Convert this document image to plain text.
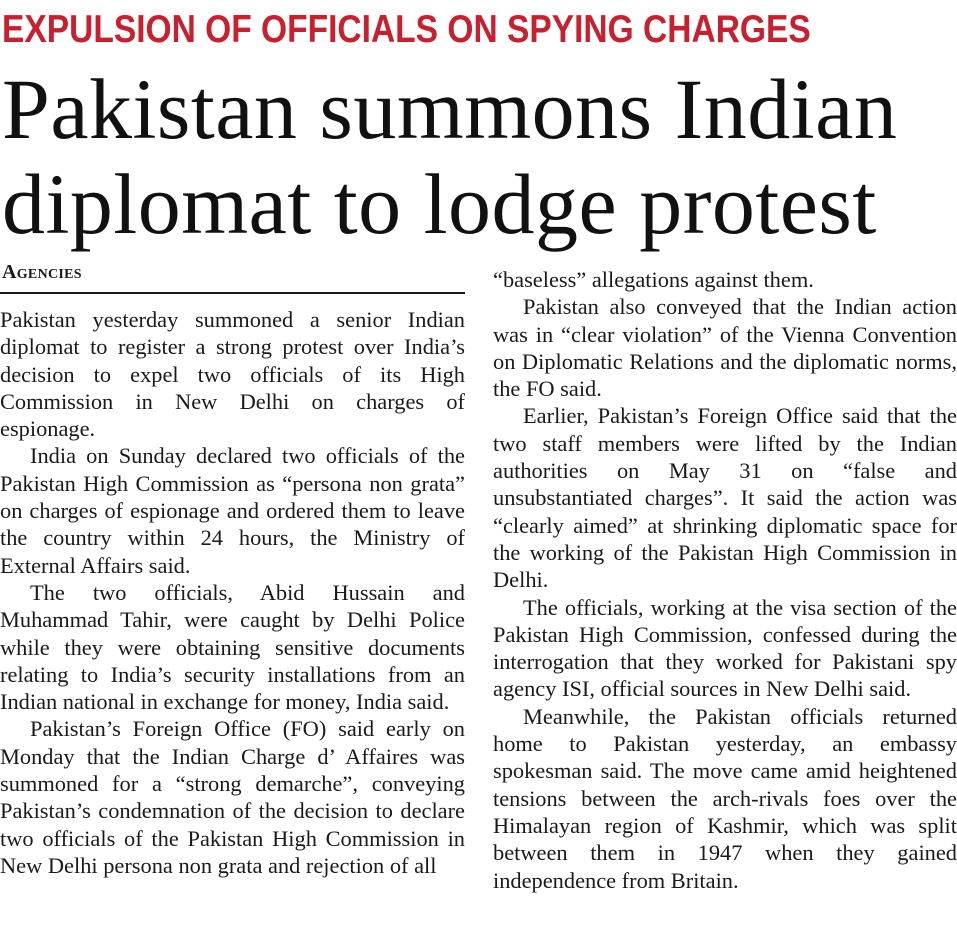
EXPULSION OF OFFICIALS ON SPYING CHARGES
Pakistan summons Indian
diplomat to lodge protest
Agencies

Pakistan yesterday summoned a senior Indian diplomat to register a strong protest over India’s decision to expel two officials of its High Commission in New Delhi on charges of espionage.

India on Sunday declared two officials of the Pakistan High Commission as “persona non grata” on charges of espionage and ordered them to leave the country within 24 hours, the Ministry of External Affairs said.

The two officials, Abid Hussain and Muhammad Tahir, were caught by Delhi Police while they were obtaining sensitive documents relating to India’s security installations from an Indian national in exchange for money, India said.

Pakistan’s Foreign Office (FO) said early on Monday that the Indian Charge d’ Affaires was summoned for a “strong demarche”, conveying Pakistan’s condemnation of the decision to declare two officials of the Pakistan High Commission in New Delhi persona non grata and rejection of all

“baseless” allegations against them.

Pakistan also conveyed that the Indian action was in “clear violation” of the Vienna Convention on Diplomatic Relations and the diplomatic norms, the FO said.

Earlier, Pakistan’s Foreign Office said that the two staff members were lifted by the Indian authorities on May 31 on “false and unsubstantiated charges”. It said the action was “clearly aimed” at shrinking diplomatic space for the working of the Pakistan High Commission in Delhi.

The officials, working at the visa section of the Pakistan High Commission, confessed during the interrogation that they worked for Pakistani spy agency ISI, official sources in New Delhi said.

Meanwhile, the Pakistan officials returned home to Pakistan yesterday, an embassy spokesman said. The move came amid heightened tensions between the arch-rivals foes over the Himalayan region of Kashmir, which was split between them in 1947 when they gained independence from Britain.
